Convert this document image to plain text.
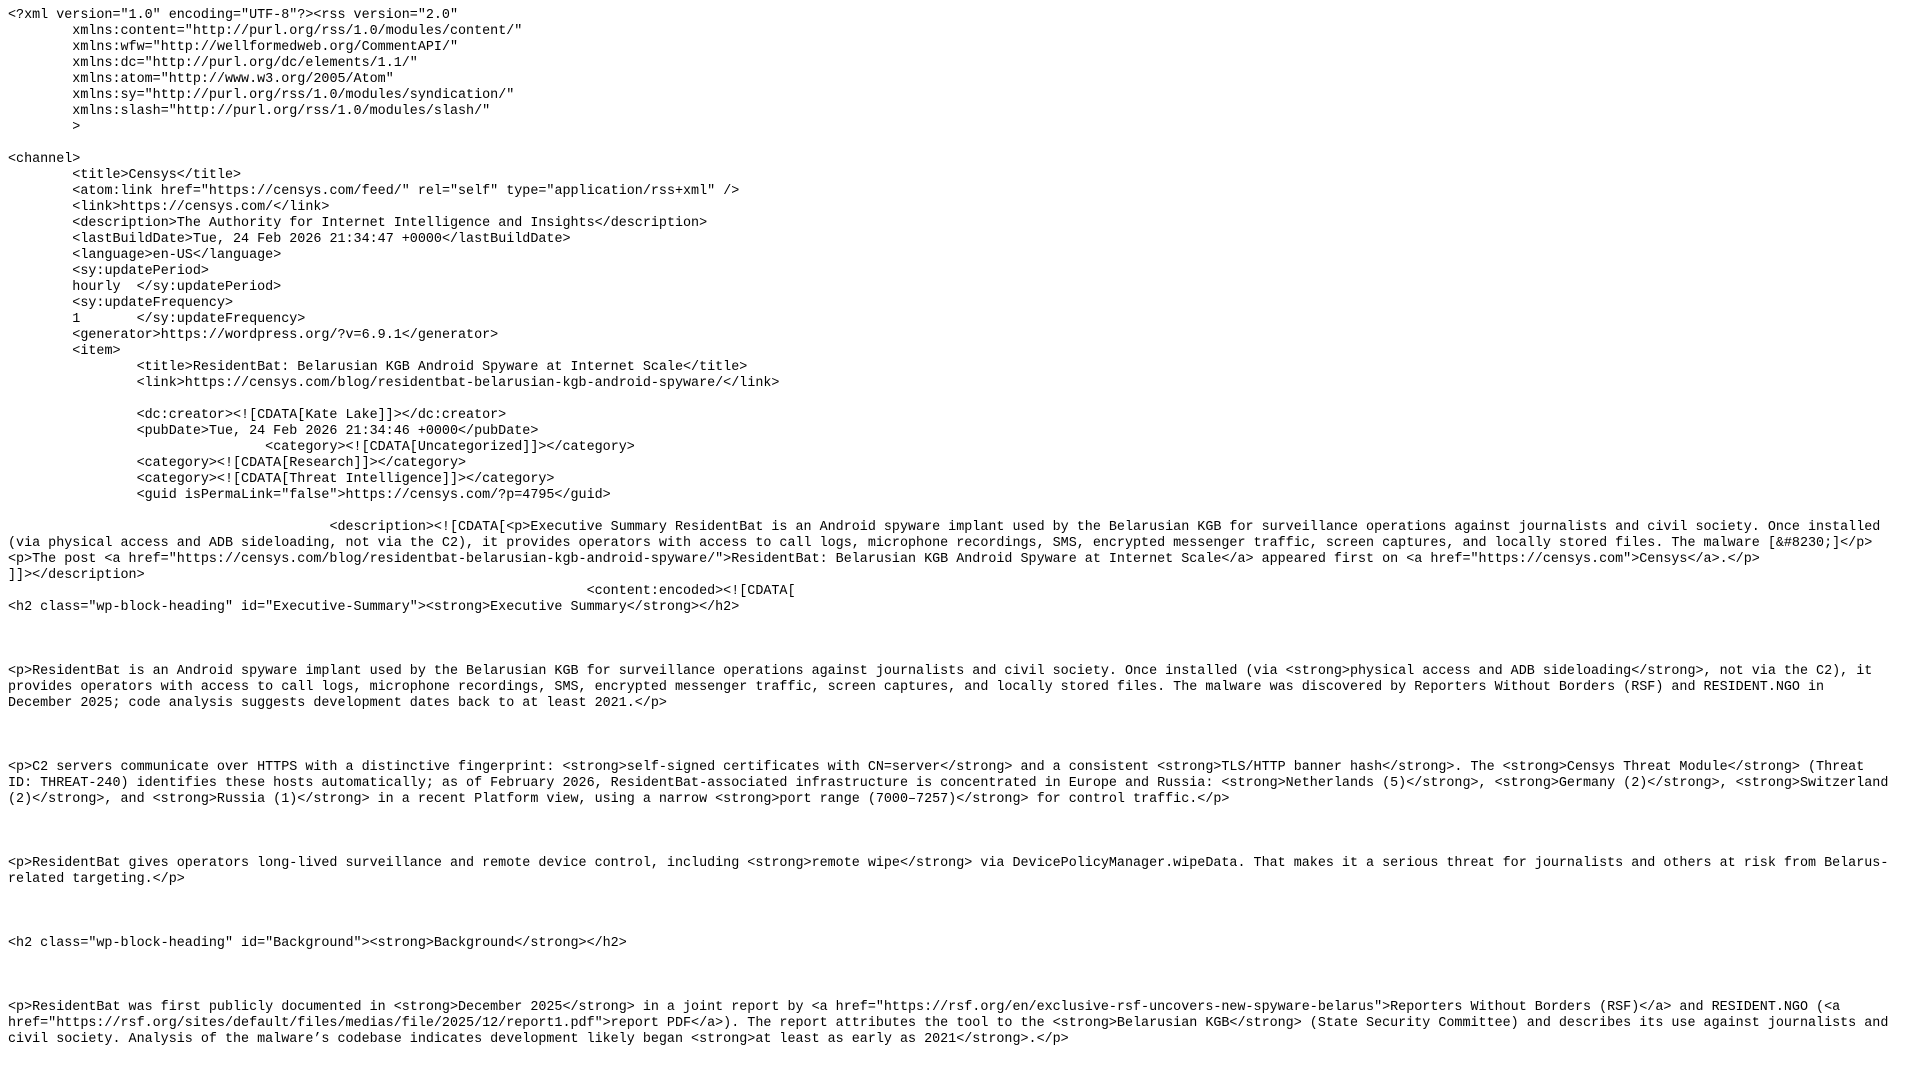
<?xml version="1.0" encoding="UTF-8"?><rss version="2.0"
	xmlns:content="http://purl.org/rss/1.0/modules/content/"
	xmlns:wfw="http://wellformedweb.org/CommentAPI/"
	xmlns:dc="http://purl.org/dc/elements/1.1/"
	xmlns:atom="http://www.w3.org/2005/Atom"
	xmlns:sy="http://purl.org/rss/1.0/modules/syndication/"
	xmlns:slash="http://purl.org/rss/1.0/modules/slash/"
	>
<channel>
	<title>Censys</title>
	<atom:link href="https://censys.com/feed/" rel="self" type="application/rss+xml" />
	<link>https://censys.com/</link>
	<description>The Authority for Internet Intelligence and Insights</description>
	<lastBuildDate>Tue, 24 Feb 2026 21:34:47 +0000</lastBuildDate>
	<language>en-US</language>
	<sy:updatePeriod>
	hourly	</sy:updatePeriod>
	<sy:updateFrequency>
	1	</sy:updateFrequency>
	<generator>https://wordpress.org/?v=6.9.1</generator>
	<item>
		<title>ResidentBat: Belarusian KGB Android Spyware at Internet Scale</title>
		<link>https://censys.com/blog/residentbat-belarusian-kgb-android-spyware/</link>

		<dc:creator><![CDATA[Kate Lake]]></dc:creator>
		<pubDate>Tue, 24 Feb 2026 21:34:46 +0000</pubDate>
				<category><![CDATA[Uncategorized]]></category>
		<category><![CDATA[Research]]></category>
		<category><![CDATA[Threat Intelligence]]></category>
		<guid isPermaLink="false">https://censys.com/?p=4795</guid>
					<description><![CDATA[<p>Executive Summary ResidentBat is an Android spyware implant used by the Belarusian KGB for surveillance operations against journalists and civil society. Once installed (via physical access and ADB sideloading, not via the C2), it provides operators with access to call logs, microphone recordings, SMS, encrypted messenger traffic, screen captures, and locally stored files. The malware [&#8230;]</p>
<p>The post <a href="https://censys.com/blog/residentbat-belarusian-kgb-android-spyware/">ResidentBat: Belarusian KGB Android Spyware at Internet Scale</a> appeared first on <a href="https://censys.com">Censys</a>.</p>
]]></description>
									<content:encoded><![CDATA[
<h2 class="wp-block-heading" id="Executive-Summary"><strong>Executive Summary</strong></h2>
<p>ResidentBat is an Android spyware implant used by the Belarusian KGB for surveillance operations against journalists and civil society. Once installed (via <strong>physical access and ADB sideloading</strong>, not via the C2), it provides operators with access to call logs, microphone recordings, SMS, encrypted messenger traffic, screen captures, and locally stored files. The malware was discovered by Reporters Without Borders (RSF) and RESIDENT.NGO in December 2025; code analysis suggests development dates back to at least 2021.</p>
<p>C2 servers communicate over HTTPS with a distinctive fingerprint: <strong>self-signed certificates with CN=server</strong> and a consistent <strong>TLS/HTTP banner hash</strong>. The <strong>Censys Threat Module</strong> (Threat ID: THREAT-240) identifies these hosts automatically; as of February 2026, ResidentBat-associated infrastructure is concentrated in Europe and Russia: <strong>Netherlands (5)</strong>, <strong>Germany (2)</strong>, <strong>Switzerland (2)</strong>, and <strong>Russia (1)</strong> in a recent Platform view, using a narrow <strong>port range (7000–7257)</strong> for control traffic.</p>
<p>ResidentBat gives operators long-lived surveillance and remote device control, including <strong>remote wipe</strong> via DevicePolicyManager.wipeData. That makes it a serious threat for journalists and others at risk from Belarus-related targeting.</p>
<h2 class="wp-block-heading" id="Background"><strong>Background</strong></h2>
<p>ResidentBat was first publicly documented in <strong>December 2025</strong> in a joint report by <a href="https://rsf.org/en/exclusive-rsf-uncovers-new-spyware-belarus">Reporters Without Borders (RSF)</a> and RESIDENT.NGO (<a href="https://rsf.org/sites/default/files/medias/file/2025/12/report1.pdf">report PDF</a>). The report attributes the tool to the <strong>Belarusian KGB</strong> (State Security Committee) and describes its use against journalists and civil society. Analysis of the malware’s codebase indicates development likely began <strong>at least as early as 2021</strong>.</p>
